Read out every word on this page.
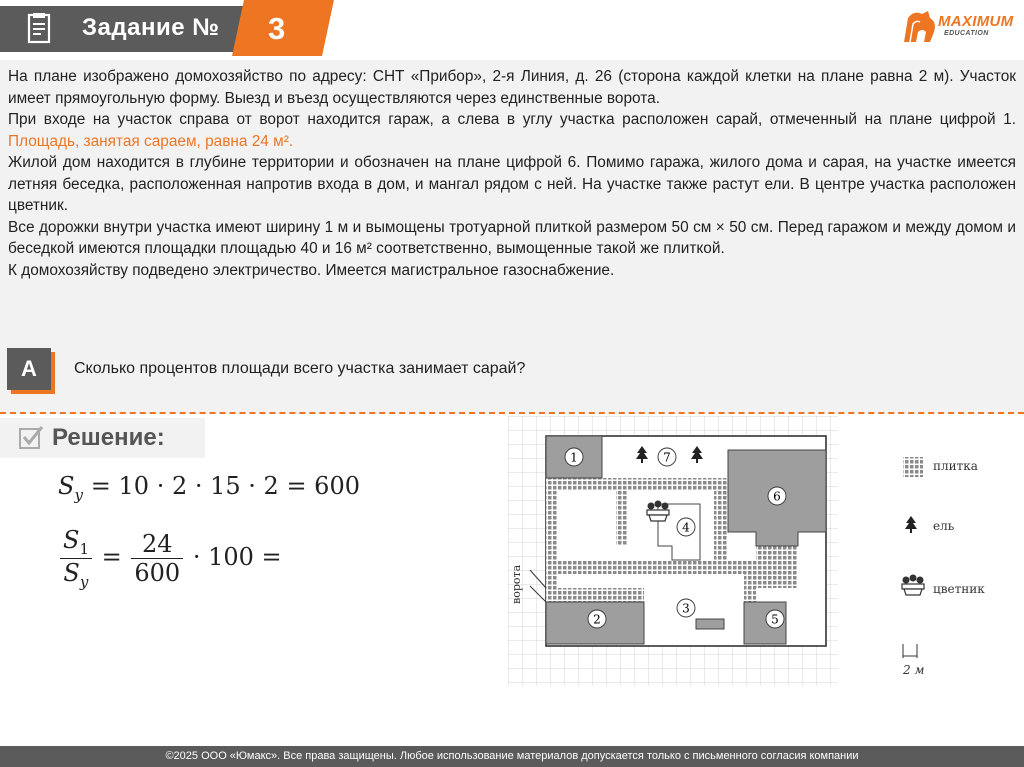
Задание № 3	MAXIMUM
EDUCATION

На плане изображено домохозяйство по адресу: СНТ «Прибор», 2-я Линия, д. 26 (сторона каждой клетки на плане равна 2 м). Участок имеет прямоугольную форму. Выезд и въезд осуществляются через единственные ворота.

При входе на участок справа от ворот находится гараж, а слева в углу участка расположен сарай, отмеченный на плане цифрой 1. Площадь, занятая сараем, равна 24 м².

Жилой дом находится в глубине территории и обозначен на плане цифрой 6. Помимо гаража, жилого дома и сарая, на участке имеется летняя беседка, расположенная напротив входа в дом, и мангал рядом с ней. На участке также растут ели. В центре участка расположен цветник.

Все дорожки внутри участка имеют ширину 1 м и вымощены тротуарной плиткой размером 50 см × 50 см. Перед гаражом и между домом и беседкой имеются площадки площадью 40 и 16 м² соответственно, вымощенные такой же плиткой.

К домохозяйству подведено электричество. Имеется магистральное газоснабжение.

А	Сколько процентов площади всего участка занимает сарай?
Решение:
$S_у = 10 \cdot 2 \cdot 15 \cdot 2 = 600$
$\frac{S_1}{S_у} = \frac{24}{600} \cdot 100$ =
ворота
1	7
6
4
3
2	5
плитка
ель
цветник
2 м
©2025 ООО «Юмакс». Все права защищены. Любое использование материалов допускается только с письменного согласия компании
